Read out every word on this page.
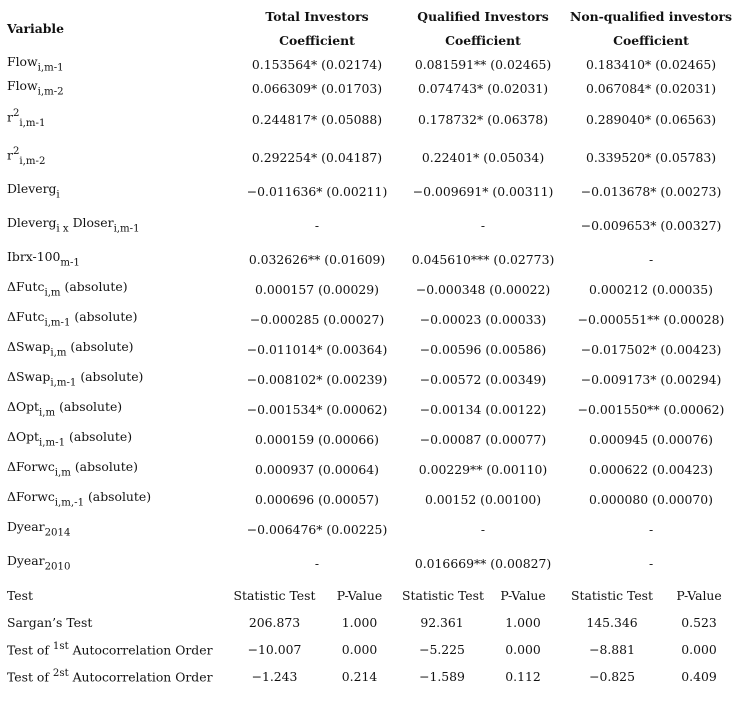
Variable	Total Investors		Qualified Investors		Non-qualified investors	
	Coefficient		Coefficient		Coefficient	
Flow$_{i,m-1}$	0.153564* (0.02174)		0.081591** (0.02465)		0.183410* (0.02465)	
Flow$_{i,m-2}$	0.066309* (0.01703)		0.074743* (0.02031)		0.067084* (0.02031)	
$r^2_{i,m-1}$	0.244817* (0.05088)		0.178732* (0.06378)		0.289040* (0.06563)	
$r^2_{i,m-2}$	0.292254* (0.04187)		0.22401* (0.05034)		0.339520* (0.05783)	
Dleverg$_i$	−0.011636* (0.00211)		−0.009691* (0.00311)		−0.013678* (0.00273)	
Dleverg$_{i x}$ Dloser$_{i,m-1}$	-		-		−0.009653* (0.00327)	
Ibrx-$100_{m-1}$	0.032626** (0.01609)		0.045610*** (0.02773)		-	
ΔFutc$_{i,m}$ (absolute)	0.000157 (0.00029)		−0.000348 (0.00022)		0.000212 (0.00035)	
ΔFutc$_{i,m-1}$ (absolute)	−0.000285 (0.00027)		−0.00023 (0.00033)		−0.000551** (0.00028)	
ΔSwap$_{i,m}$ (absolute)	−0.011014* (0.00364)		−0.00596 (0.00586)		−0.017502* (0.00423)	
ΔSwap$_{i,m-1}$ (absolute)	−0.008102* (0.00239)		−0.00572 (0.00349)		−0.009173* (0.00294)	
ΔOpt$_{i,m}$ (absolute)	−0.001534* (0.00062)		−0.00134 (0.00122)		−0.001550** (0.00062)	
ΔOpt$_{i,m-1}$ (absolute)	0.000159 (0.00066)		−0.00087 (0.00077)		0.000945 (0.00076)	
ΔForwc$_{i,m}$ (absolute)	0.000937 (0.00064)		0.00229** (0.00110)		0.000622 (0.00423)	
ΔForwc$_{i,m,-1}$ (absolute)	0.000696 (0.00057)		0.00152 (0.00100)		0.000080 (0.00070)	
Dyear$_{2014}$	−0.006476* (0.00225)		-		-	
Dyear$_{2010}$	-		0.016669** (0.00827)		-	
Test	Statistic Test	P-Value	Statistic Test	P-Value	Statistic Test	P-Value
Sargan’s Test	206.873	1.000	92.361	1.000	145.346	0.523
Test of $^{1st}$ Autocorrelation Order	−10.007	0.000	−5.225	0.000	−8.881	0.000
Test of $^{2st}$ Autocorrelation Order	−1.243	0.214	−1.589	0.112	−0.825	0.409
